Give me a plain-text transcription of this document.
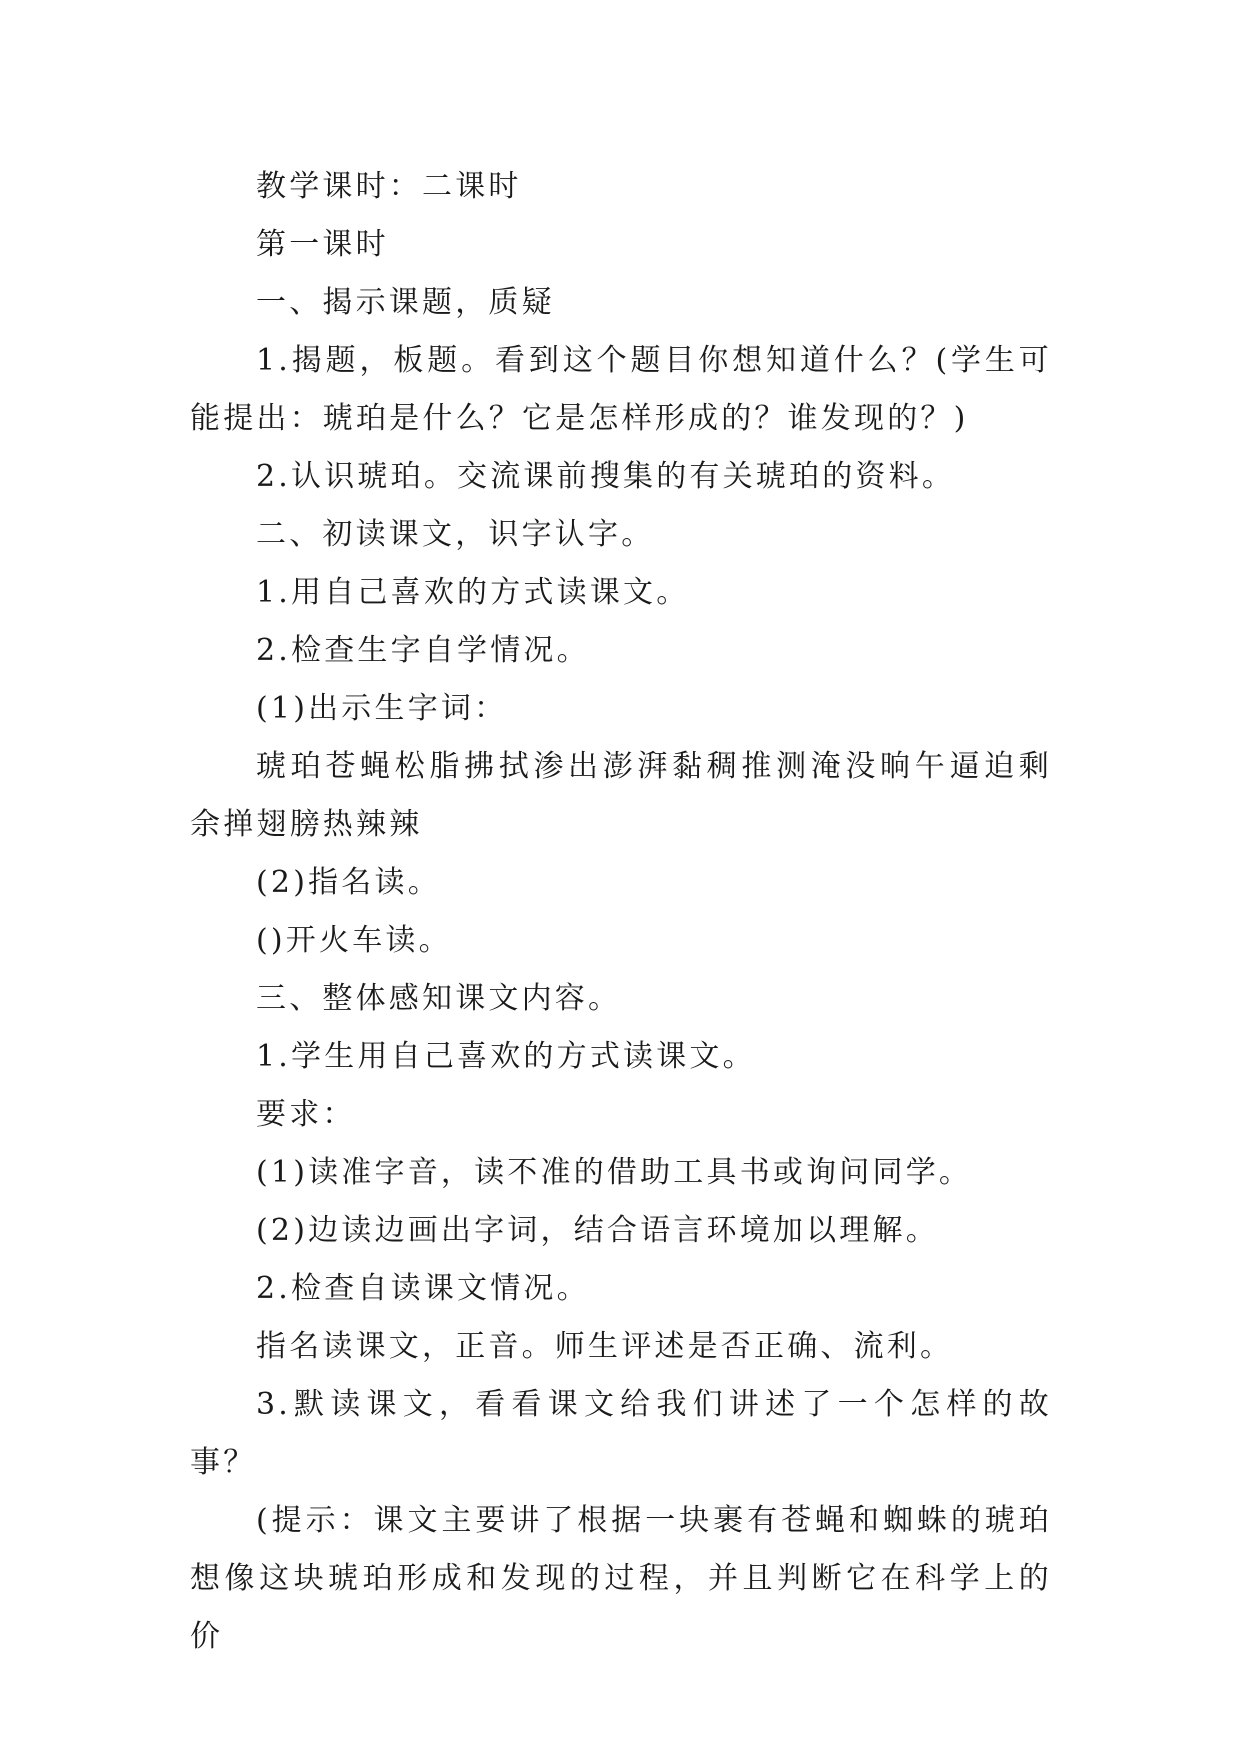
教学课时：二课时

第一课时

一、揭示课题，质疑

1.揭题，板题。看到这个题目你想知道什么？(学生可能提出：琥珀是什么？它是怎样形成的？谁发现的？)

2.认识琥珀。交流课前搜集的有关琥珀的资料。

二、初读课文，识字认字。

1.用自己喜欢的方式读课文。

2.检查生字自学情况。

(1)出示生字词：

琥珀苍蝇松脂拂拭渗出澎湃黏稠推测淹没晌午逼迫剩余掸翅膀热辣辣

(2)指名读。

()开火车读。

三、整体感知课文内容。

1.学生用自己喜欢的方式读课文。

要求：

(1)读准字音，读不准的借助工具书或询问同学。

(2)边读边画出字词，结合语言环境加以理解。

2.检查自读课文情况。

指名读课文，正音。师生评述是否正确、流利。

3.默读课文，看看课文给我们讲述了一个怎样的故事？

(提示：课文主要讲了根据一块裹有苍蝇和蜘蛛的琥珀想像这块琥珀形成和发现的过程，并且判断它在科学上的价
